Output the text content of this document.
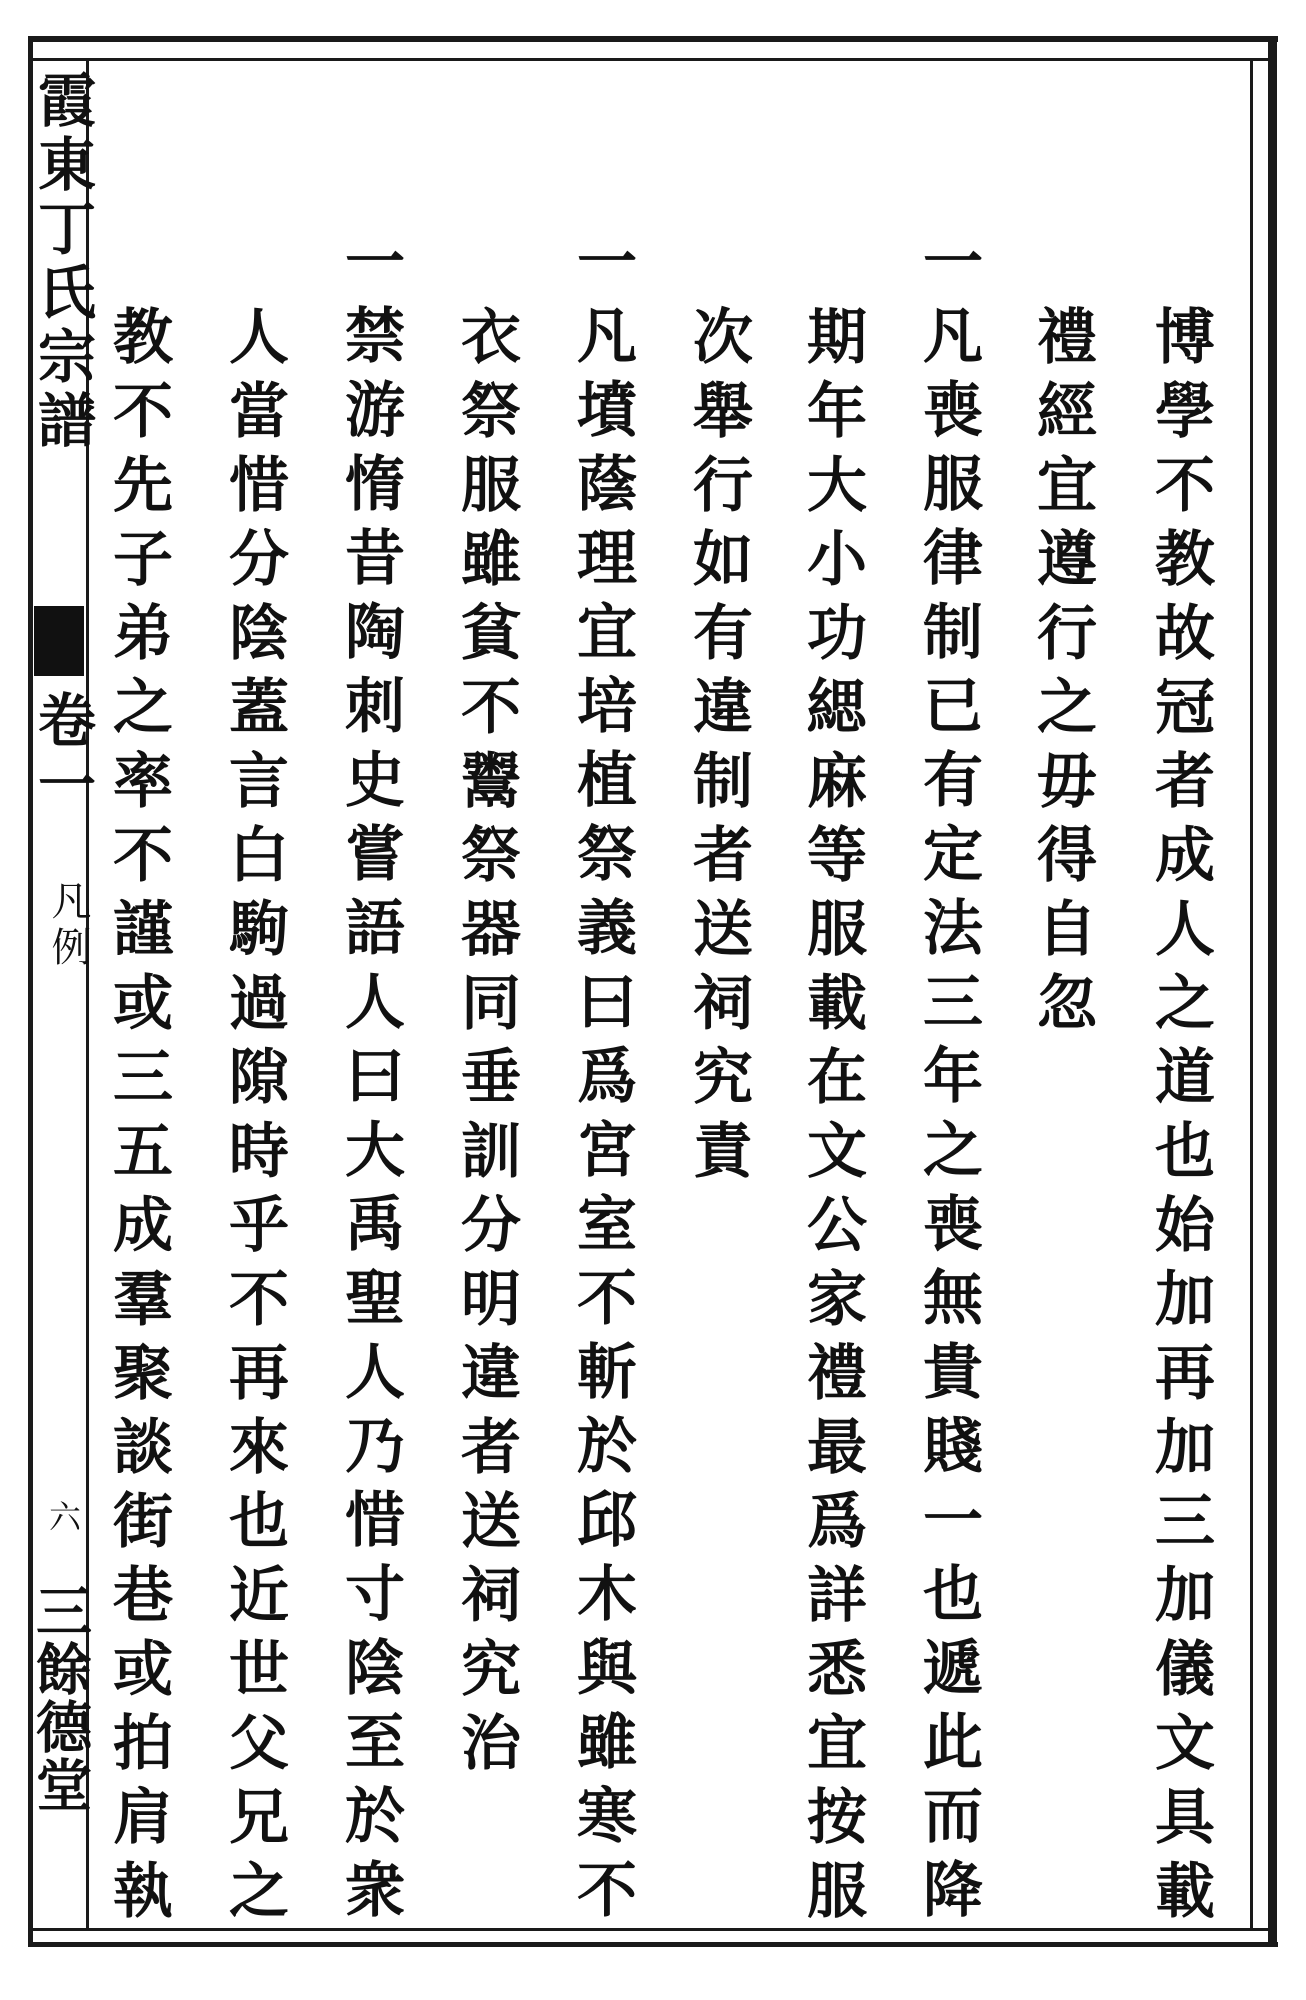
霞東丁氏宗譜
卷一
凡例
六
三餘德堂	博學不教故冠者成人之道也始加再加三加儀文具載
禮經宜遵行之毋得自忽
一凡喪服律制已有定法三年之喪無貴賤一也遞此而降
期年大小功緦麻等服載在文公家禮最爲詳悉宜按服
次舉行如有違制者送祠究責
一凡墳蔭理宜培植祭義曰爲宮室不斬於邱木與雖寒不
衣祭服雖貧不鬻祭器同垂訓分明違者送祠究治
一禁游惰昔陶刺史嘗語人曰大禹聖人乃惜寸陰至於衆
人當惜分陰蓋言白駒過隙時乎不再來也近世父兄之
教不先子弟之率不謹或三五成羣聚談街巷或拍肩執
